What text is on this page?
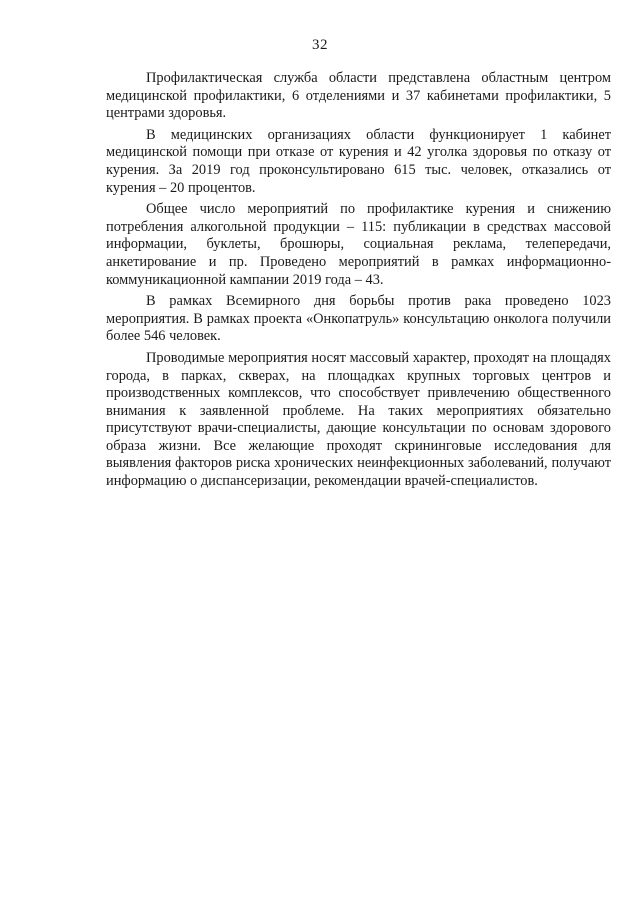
32

Профилактическая служба области представлена областным центром медицинской профилактики, 6 отделениями и 37 кабинетами профилактики, 5 центрами здоровья.

В медицинских организациях области функционирует 1 кабинет медицинской помощи при отказе от курения и 42 уголка здоровья по отказу от курения. За 2019 год проконсультировано 615 тыс. человек, отказались от курения – 20 процентов.

Общее число мероприятий по профилактике курения и снижению потребления алкогольной продукции – 115: публикации в средствах массовой информации, буклеты, брошюры, социальная реклама, телепередачи, анкетирование и пр. Проведено мероприятий в рамках информационно-коммуникационной кампании 2019 года – 43.

В рамках Всемирного дня борьбы против рака проведено 1023 мероприятия. В рамках проекта «Онкопатруль» консультацию онколога получили более 546 человек.

Проводимые мероприятия носят массовый характер, проходят на площадях города, в парках, скверах, на площадках крупных торговых центров и производственных комплексов, что способствует привлечению общественного внимания к заявленной проблеме. На таких мероприятиях обязательно присутствуют врачи-специалисты, дающие консультации по основам здорового образа жизни. Все желающие проходят скрининговые исследования для выявления факторов риска хронических неинфекционных заболеваний, получают информацию о диспансеризации, рекомендации врачей-специалистов.
